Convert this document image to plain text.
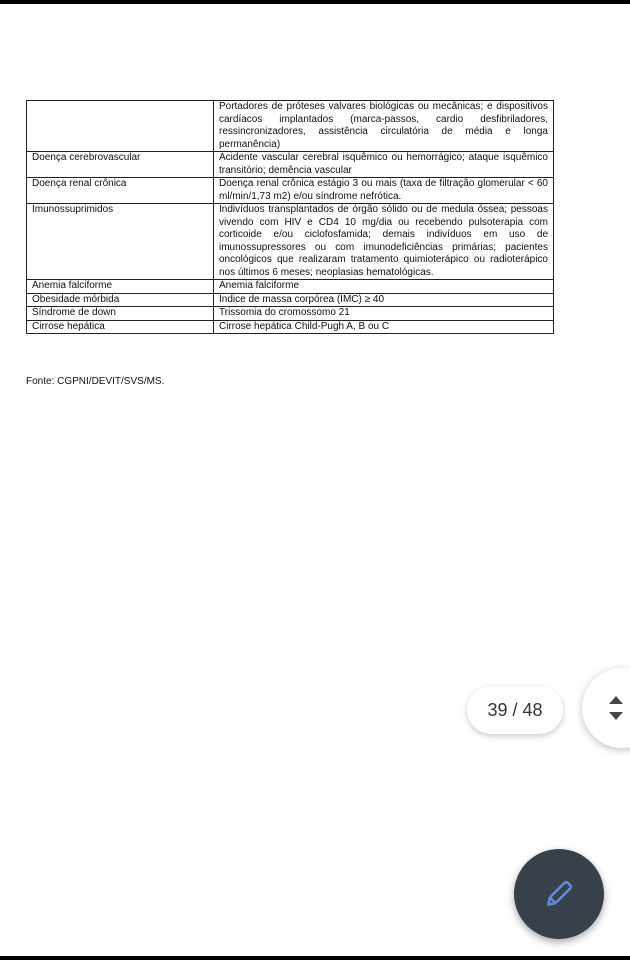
	Portadores de próteses valvares biológicas ou mecânicas; e dispositivos cardíacos implantados (marca-passos, cardio desfibriladores, ressincronizadores, assistência circulatória de média e longa permanência)
Doença cerebrovascular	Acidente vascular cerebral isquêmico ou hemorrágico; ataque isquêmico transitório; demência vascular
Doença renal crônica	Doença renal crônica estágio 3 ou mais (taxa de filtração glomerular < 60 ml/min/1,73 m2) e/ou síndrome nefrótica.
Imunossuprimidos	Indivíduos transplantados de órgão sólido ou de medula óssea; pessoas vivendo com HIV e CD4 10 mg/dia ou recebendo pulsoterapia com corticoide e/ou ciclofosfamida; demais indivíduos em uso de imunossupressores ou com imunodeficiências primárias; pacientes oncológicos que realizaram tratamento quimioterápico ou radioterápico nos últimos 6 meses; neoplasias hematológicas.
Anemia falciforme	Anemia falciforme
Obesidade mórbida	Índice de massa corpórea (IMC) ≥ 40
Síndrome de down	Trissomia do cromossomo 21
Cirrose hepática	Cirrose hepática Child-Pugh A, B ou C
Fonte: CGPNI/DEVIT/SVS/MS.
39 / 48
